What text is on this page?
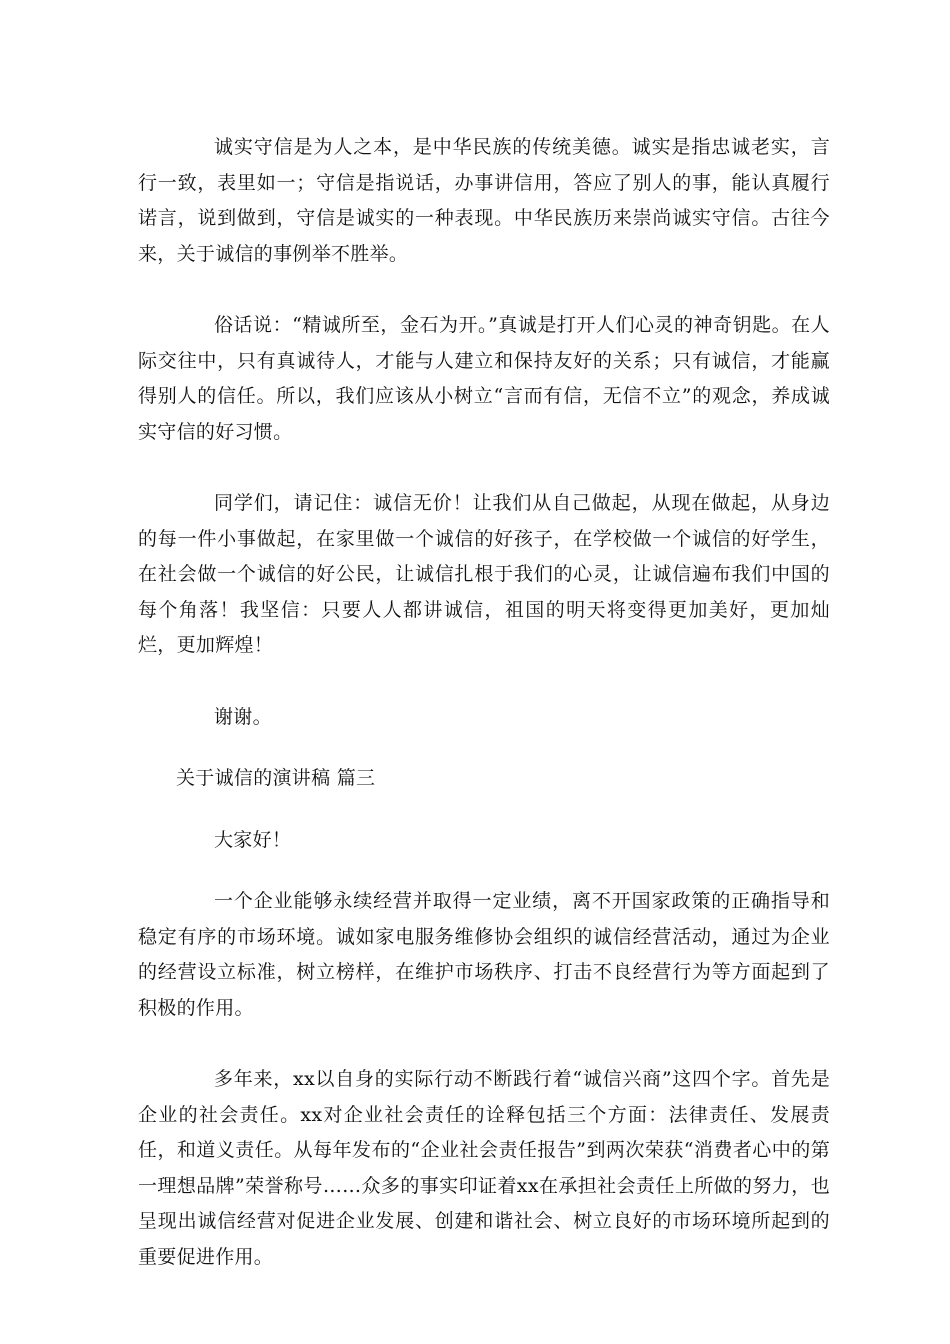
诚实守信是为人之本，是中华民族的传统美德。诚实是指忠诚老实，言行一致，表里如一；守信是指说话，办事讲信用，答应了别人的事，能认真履行诺言，说到做到，守信是诚实的一种表现。中华民族历来崇尚诚实守信。古往今来，关于诚信的事例举不胜举。

俗话说：“精诚所至，金石为开。”真诚是打开人们心灵的神奇钥匙。在人际交往中，只有真诚待人，才能与人建立和保持友好的关系；只有诚信，才能赢得别人的信任。所以，我们应该从小树立“言而有信，无信不立”的观念，养成诚实守信的好习惯。

同学们，请记住：诚信无价！让我们从自己做起，从现在做起，从身边的每一件小事做起，在家里做一个诚信的好孩子，在学校做一个诚信的好学生，在社会做一个诚信的好公民，让诚信扎根于我们的心灵，让诚信遍布我们中国的每个角落！我坚信：只要人人都讲诚信，祖国的明天将变得更加美好，更加灿烂，更加辉煌！

谢谢。

关于诚信的演讲稿 篇三

大家好！

一个企业能够永续经营并取得一定业绩，离不开国家政策的正确指导和稳定有序的市场环境。诚如家电服务维修协会组织的诚信经营活动，通过为企业的经营设立标准，树立榜样，在维护市场秩序、打击不良经营行为等方面起到了积极的作用。

多年来，xx以自身的实际行动不断践行着“诚信兴商”这四个字。首先是企业的社会责任。xx对企业社会责任的诠释包括三个方面：法律责任、发展责任，和道义责任。从每年发布的“企业社会责任报告”到两次荣获“消费者心中的第一理想品牌”荣誉称号……众多的事实印证着xx在承担社会责任上所做的努力，也呈现出诚信经营对促进企业发展、创建和谐社会、树立良好的市场环境所起到的重要促进作用。
